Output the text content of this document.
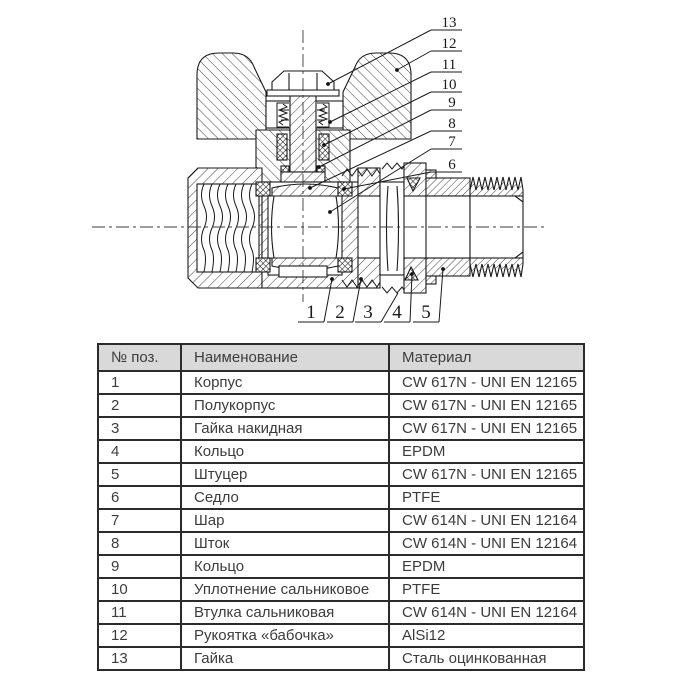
13
12
11
10
9
8
7
6
1 2 3 4 5
№ поз.	Наименование	Материал
1	Корпус	CW 617N - UNI EN 12165
2	Полукорпус	CW 617N - UNI EN 12165
3	Гайка накидная	CW 617N - UNI EN 12165
4	Кольцо	EPDM
5	Штуцер	CW 617N - UNI EN 12165
6	Седло	PTFE
7	Шар	CW 614N - UNI EN 12164
8	Шток	CW 614N - UNI EN 12164
9	Кольцо	EPDM
10	Уплотнение сальниковое	PTFE
11	Втулка сальниковая	CW 614N - UNI EN 12164
12	Рукоятка «бабочка»	AlSi12
13	Гайка	Сталь оцинкованная
